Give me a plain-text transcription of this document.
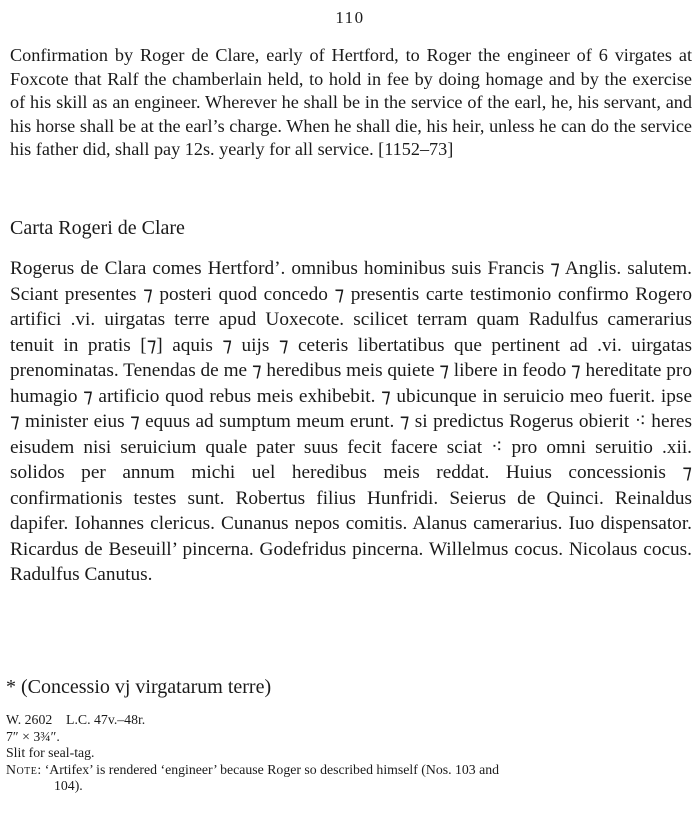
110

Confirmation by Roger de Clare, early of Hertford, to Roger the engineer of 6 virgates at Foxcote that Ralf the chamberlain held, to hold in fee by doing homage and by the exercise of his skill as an engineer. Wherever he shall be in the service of the earl, he, his servant, and his horse shall be at the earl’s charge. When he shall die, his heir, unless he can do the service his father did, shall pay 12s. yearly for all service. [1152–73]

Carta Rogeri de Clare

Rogerus de Clara comes Hertford’. omnibus hominibus suis Francis ⁊ Anglis. salutem. Sciant presentes ⁊ posteri quod concedo ⁊ presentis carte testimonio confirmo Rogero artifici .vi. uirgatas terre apud Uoxecote. scilicet terram quam Radulfus camerarius tenuit in pratis [⁊] aquis ⁊ uijs ⁊ ceteris libertatibus que pertinent ad .vi. uirgatas prenominatas. Tenendas de me ⁊ heredibus meis quiete ⁊ libere in feodo ⁊ hereditate pro humagio ⁊ artificio quod rebus meis exhibebit. ⁊ ubicunque in seruicio meo fuerit. ipse ⁊ minister eius ⁊ equus ad sumptum meum erunt. ⁊ si predictus Rogerus obierit ⁖ heres eisudem nisi seruicium quale pater suus fecit facere sciat ⁖ pro omni seruitio .xii. solidos per annum michi uel heredibus meis reddat. Huius concessionis ⁊ confirmationis testes sunt. Robertus filius Hunfridi. Seierus de Quinci. Reinaldus dapifer. Iohannes clericus. Cunanus nepos comitis. Alanus camerarius. Iuo dispensator. Ricardus de Beseuill’ pincerna. Godefridus pincerna. Willelmus cocus. Nicolaus cocus. Radulfus Canutus.

* (Concessio vj virgatarum terre)

W. 2602    L.C. 47v.–48r.
7″ × 3¾″.
Slit for seal-tag.
Note: ‘Artifex’ is rendered ‘engineer’ because Roger so described himself (Nos. 103 and
104).
